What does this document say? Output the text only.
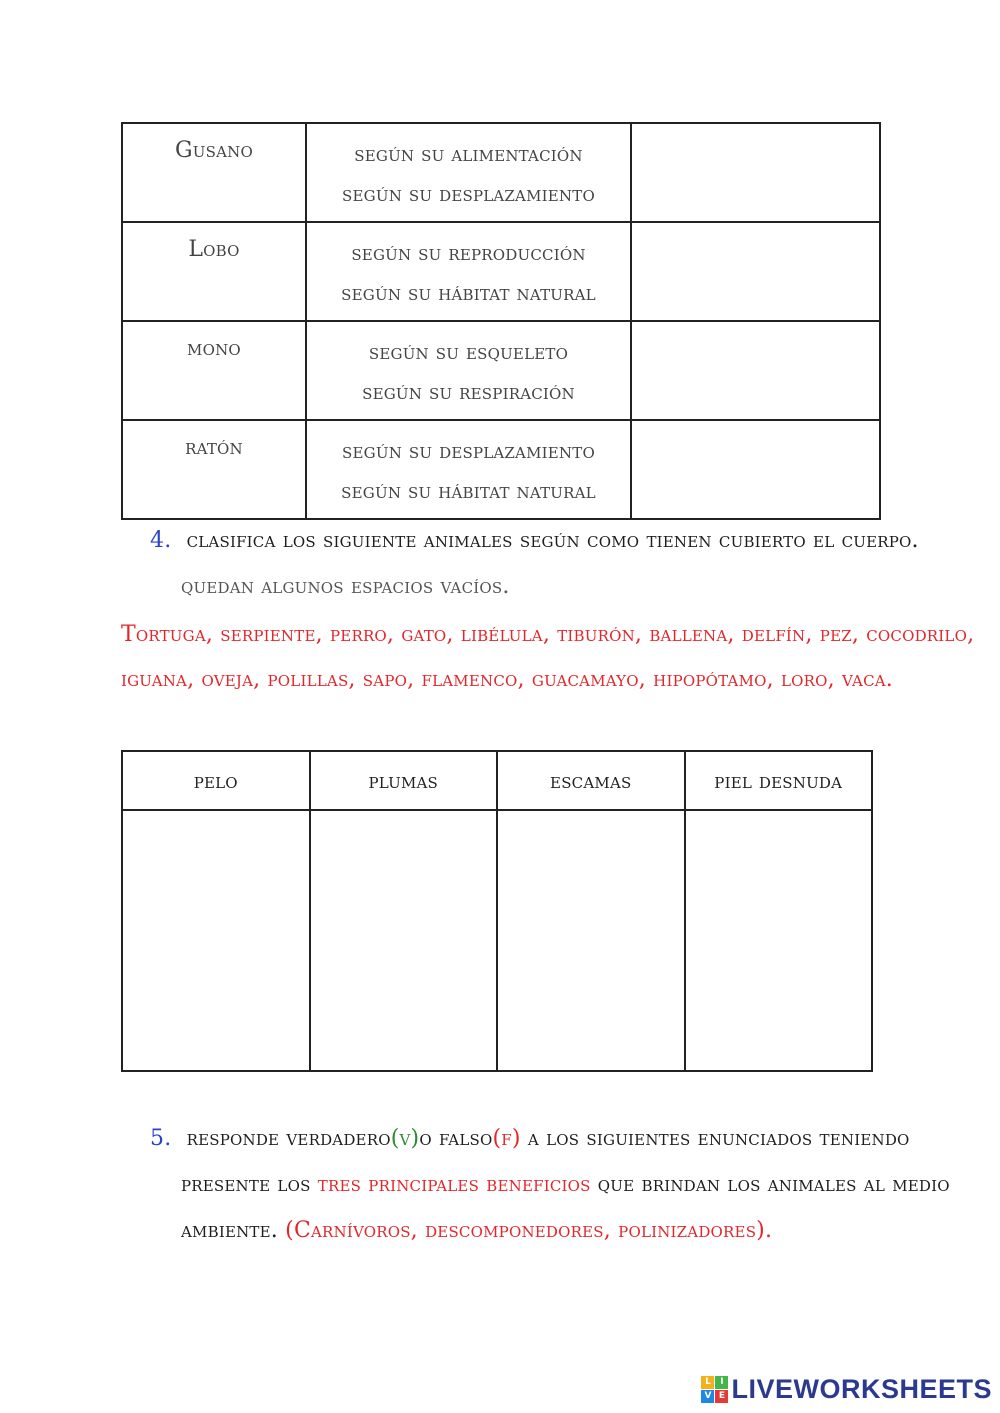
Gusano	según su alimentación
según su desplazamiento	

Lobo	según su reproducción
según su hábitat natural	

mono	según su esqueleto
según su respiración	

ratón	según su desplazamiento
según su hábitat natural	

4. clasifica los siguiente animales según como tienen cubierto el cuerpo.
quedan algunos espacios vacíos.
Tortuga, serpiente, perro, gato, libélula, tiburón, ballena, delfín, pez, cocodrilo,
iguana, oveja, polillas, sapo, flamenco, guacamayo, hipopótamo, loro, vaca.
pelo	plumas	escamas	piel desnuda

5. responde verdadero(v)o falso(f) a los siguientes enunciados teniendo
presente los tres principales beneficios que brindan los animales al medio
ambiente. (Carnívoros, descomponedores, polinizadores).
L	I
V E LIVEWORKSHEETS
